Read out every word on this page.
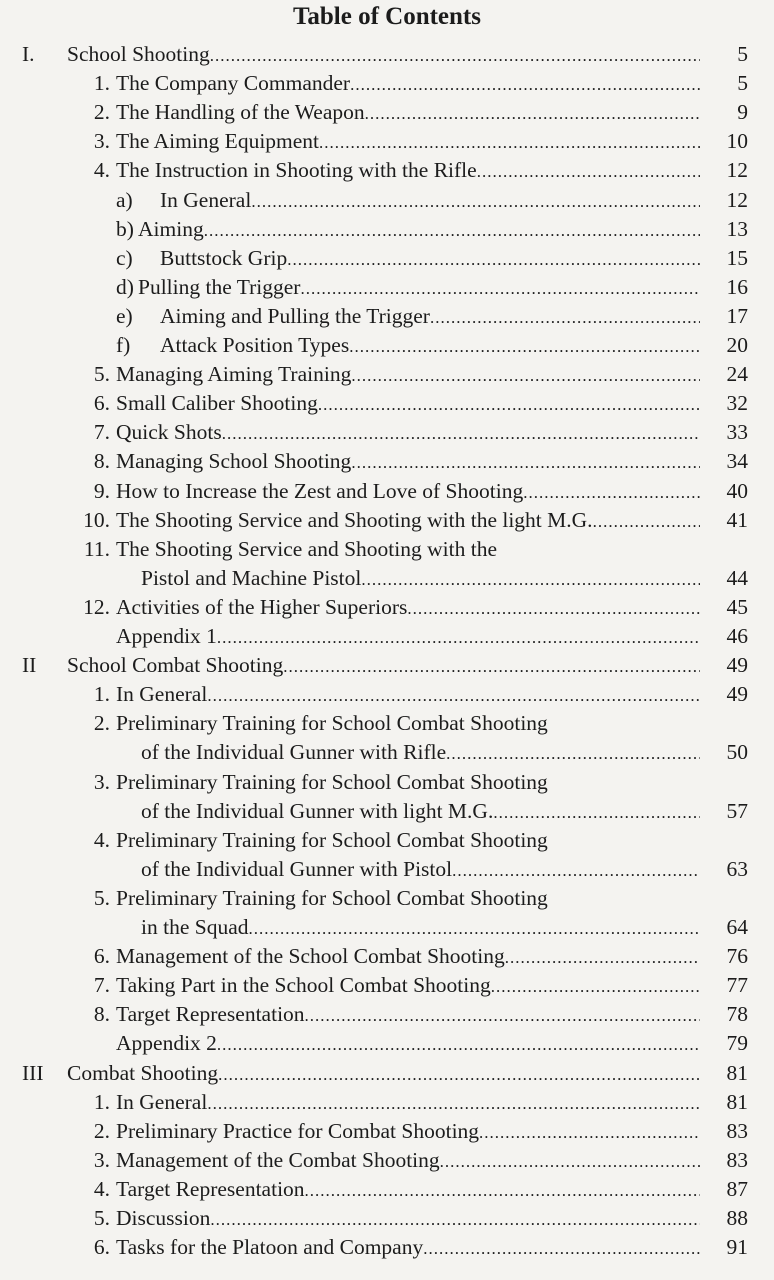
Table of Contents
I. School Shooting .....	5
1. The Company Commander .....	5
2. The Handling of the Weapon .....	9
3. The Aiming Equipment .....	10
4. The Instruction in Shooting with the Rifle .....	12
a) In General .....	12
b) Aiming .....	13
c) Buttstock Grip .....	15
d) Pulling the Trigger .....	16
e) Aiming and Pulling the Trigger .....	17
f) Attack Position Types .....	20
5. Managing Aiming Training .....	24
6. Small Caliber Shooting .....	32
7. Quick Shots .....	33
8. Managing School Shooting .....	34
9. How to Increase the Zest and Love of Shooting .....	40
10. The Shooting Service and Shooting with the light M.G. .....	41
11. The Shooting Service and Shooting with the
Pistol and Machine Pistol .....	44
12. Activities of the Higher Superiors .....	45
Appendix 1 .....	46
II School Combat Shooting .....	49
1. In General .....	49
2. Preliminary Training for School Combat Shooting
of the Individual Gunner with Rifle .....	50
3. Preliminary Training for School Combat Shooting
of the Individual Gunner with light M.G. .....	57
4. Preliminary Training for School Combat Shooting
of the Individual Gunner with Pistol .....	63
5. Preliminary Training for School Combat Shooting
in the Squad .....	64
6. Management of the School Combat Shooting .....	76
7. Taking Part in the School Combat Shooting .....	77
8. Target Representation .....	78
Appendix 2 .....	79
III Combat Shooting .....	81
1. In General .....	81
2. Preliminary Practice for Combat Shooting .....	83
3. Management of the Combat Shooting .....	83
4. Target Representation .....	87
5. Discussion .....	88
6. Tasks for the Platoon and Company .....	91
